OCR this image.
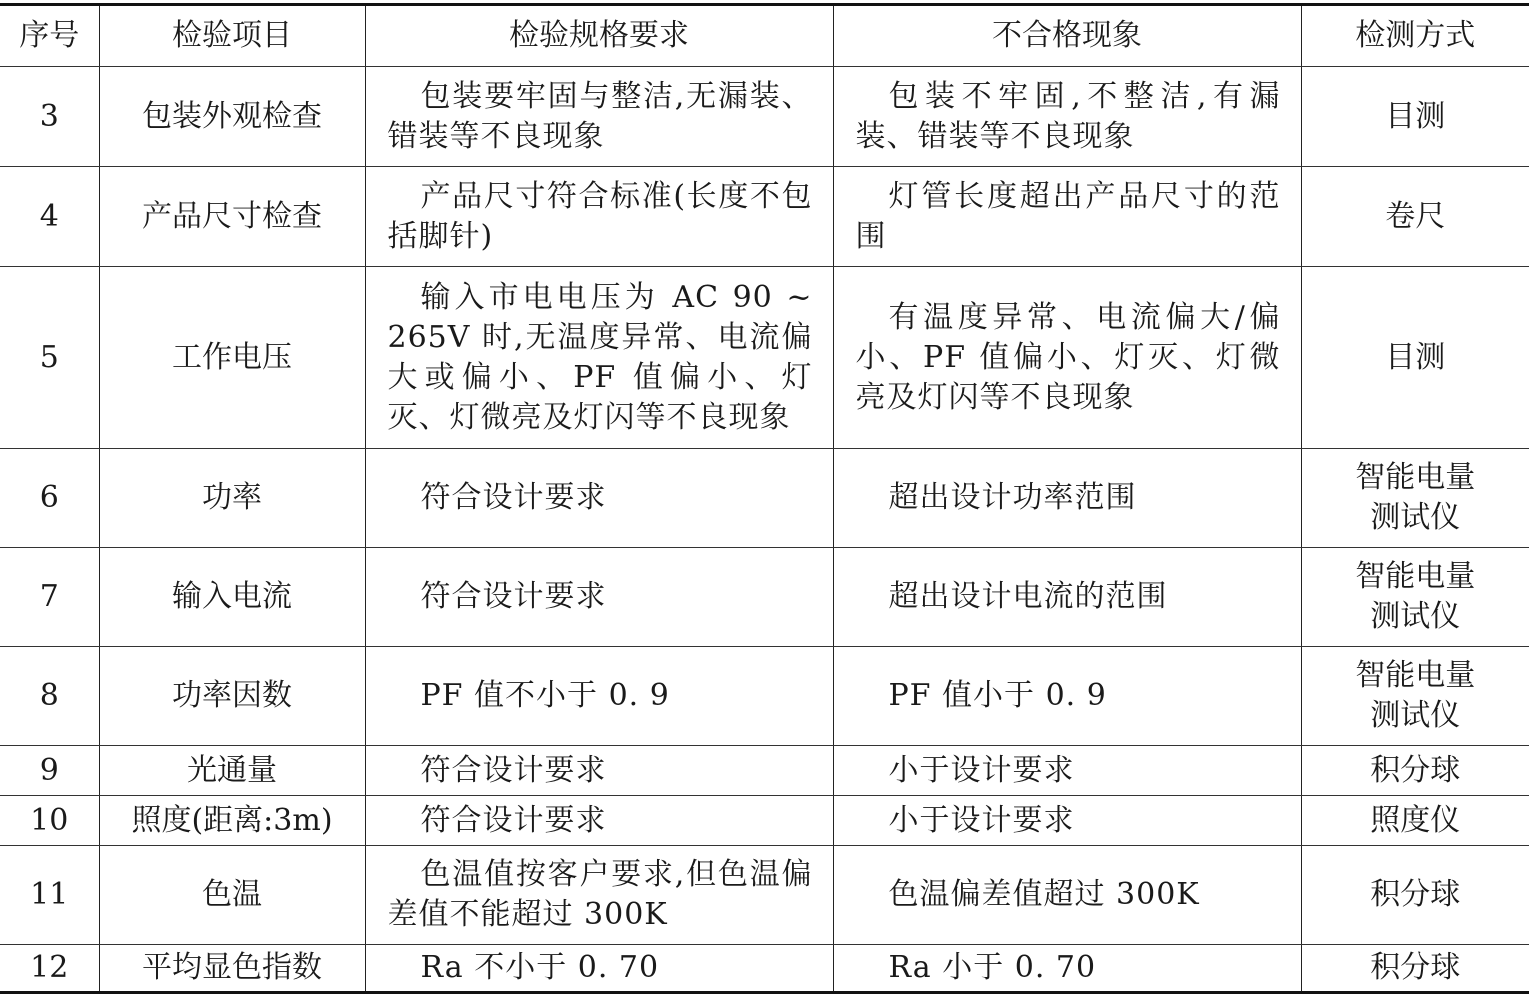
序号	检验项目	检验规格要求	不合格现象	检测方式
3	包装外观检查	包装要牢固与整洁,无漏装、错装等不良现象	包装不牢固,不整洁,有漏装、错装等不良现象	目测
4	产品尺寸检查	产品尺寸符合标准(长度不包括脚针)	灯管长度超出产品尺寸的范围	卷尺
5	工作电压	输入市电电压为 AC 90 ~ 265V 时,无温度异常、电流偏大或偏小、PF 值偏小、灯灭、灯微亮及灯闪等不良现象	有温度异常、电流偏大/偏小、PF 值偏小、灯灭、灯微亮及灯闪等不良现象	目测
6	功率	符合设计要求	超出设计功率范围	智能电量测试仪
7	输入电流	符合设计要求	超出设计电流的范围	智能电量测试仪
8	功率因数	PF 值不小于 0. 9	PF 值小于 0. 9	智能电量测试仪
9	光通量	符合设计要求	小于设计要求	积分球
10	照度(距离:3m)	符合设计要求	小于设计要求	照度仪
11	色温	色温值按客户要求,但色温偏差值不能超过 300K	色温偏差值超过 300K	积分球
12	平均显色指数	Ra 不小于 0. 70	Ra 小于 0. 70	积分球
